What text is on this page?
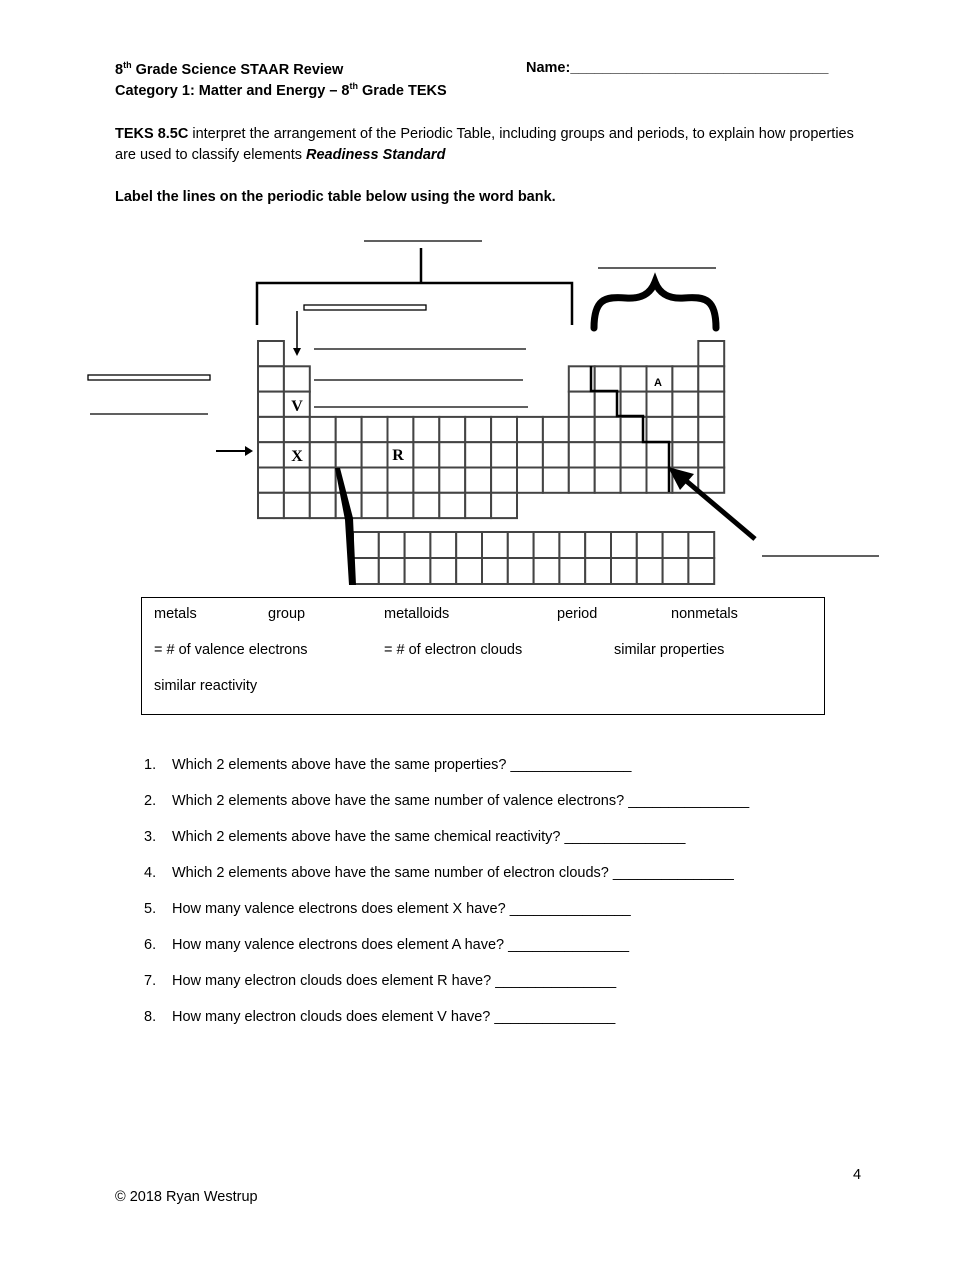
8th Grade Science STAAR Review	Name:________________________________
Category 1: Matter and Energy – 8th Grade TEKS
TEKS 8.5C interpret the arrangement of the Periodic Table, including groups and periods, to explain how properties are used to classify elements Readiness Standard
Label the lines on the periodic table below using the word bank.
V
X	R
A
metals	group	metalloids	period	nonmetals
= # of valence electrons	= # of electron clouds	similar properties
similar reactivity
1. Which 2 elements above have the same properties? _______________
2. Which 2 elements above have the same number of valence electrons? _______________
3. Which 2 elements above have the same chemical reactivity? _______________
4. Which 2 elements above have the same number of electron clouds? _______________
5. How many valence electrons does element X have? _______________
6. How many valence electrons does element A have? _______________
7. How many electron clouds does element R have? _______________
8. How many electron clouds does element V have? _______________
4
© 2018 Ryan Westrup
